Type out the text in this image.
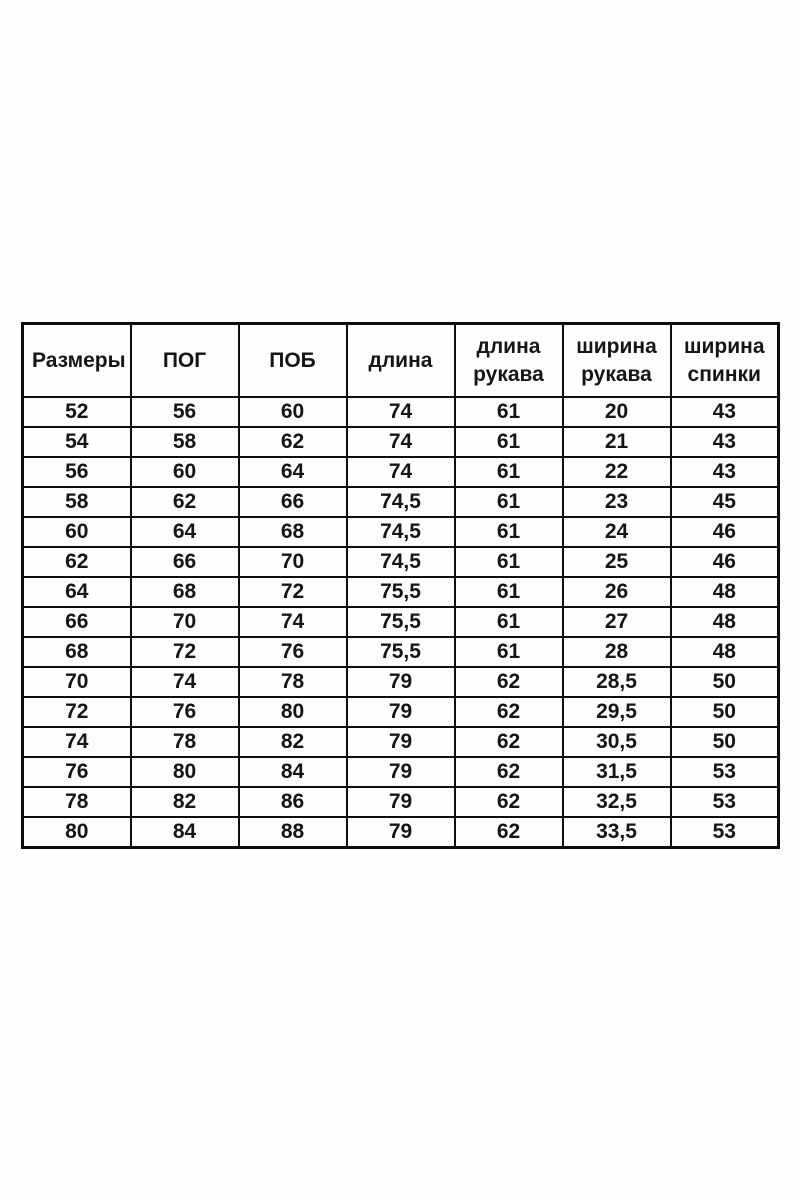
Размеры	ПОГ	ПОБ	длина	длина рукава	ширина рукава	ширина спинки
52	56	60	74	61	20	43
54	58	62	74	61	21	43
56	60	64	74	61	22	43
58	62	66	74,5	61	23	45
60	64	68	74,5	61	24	46
62	66	70	74,5	61	25	46
64	68	72	75,5	61	26	48
66	70	74	75,5	61	27	48
68	72	76	75,5	61	28	48
70	74	78	79	62	28,5	50
72	76	80	79	62	29,5	50
74	78	82	79	62	30,5	50
76	80	84	79	62	31,5	53
78	82	86	79	62	32,5	53
80	84	88	79	62	33,5	53
